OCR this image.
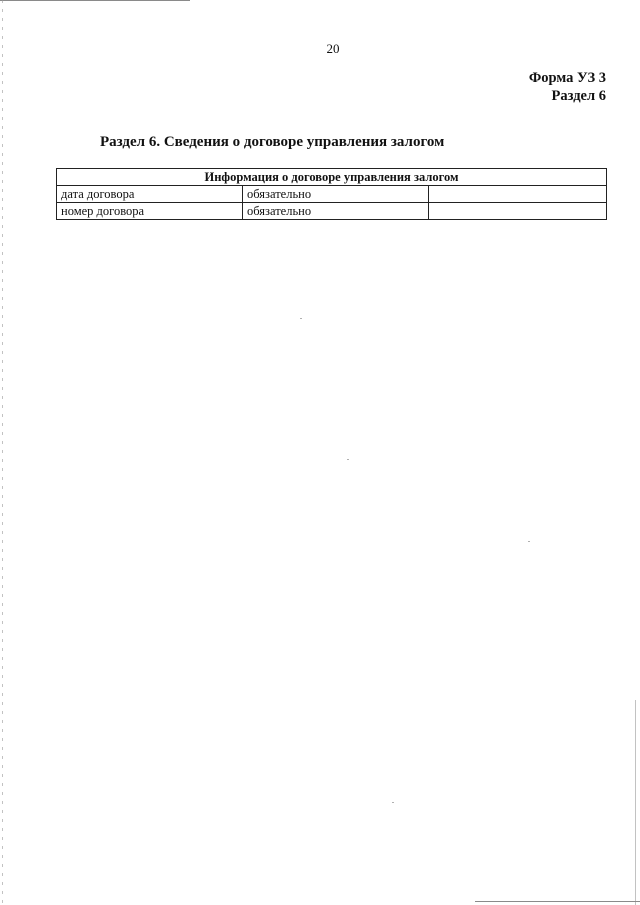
20
Форма УЗ 3
Раздел 6
Раздел 6. Сведения о договоре управления залогом
Информация о договоре управления залогом		
дата договора	обязательно	
номер договора	обязательно	
